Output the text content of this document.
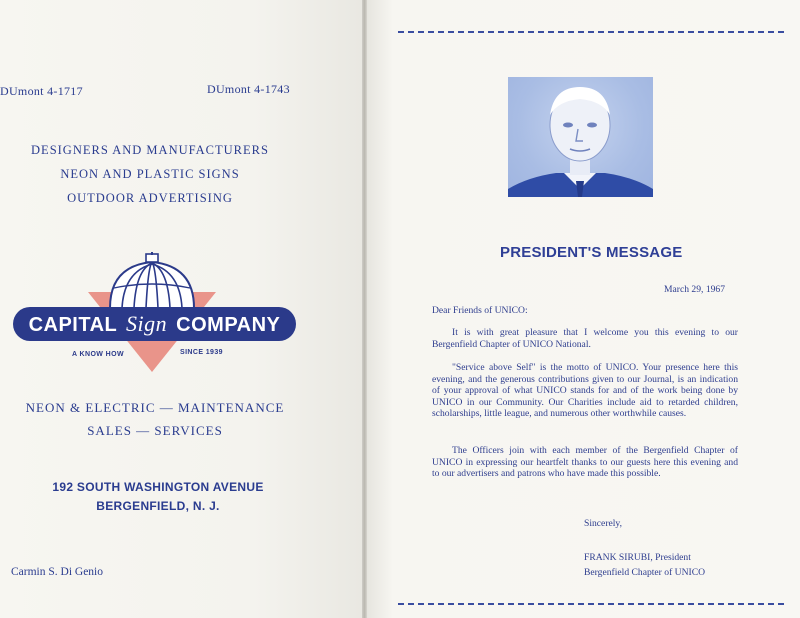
DUmont 4-1717	DUmont 4-1743
DESIGNERS AND MANUFACTURERS
NEON AND PLASTIC SIGNS
OUTDOOR ADVERTISING
CAPITAL Sign COMPANY
A KNOW HOW	SINCE 1939
NEON & ELECTRIC — MAINTENANCE
SALES — SERVICES
192 SOUTH WASHINGTON AVENUE
BERGENFIELD, N. J.
Carmin S. Di Genio
PRESIDENT'S MESSAGE
March 29, 1967
Dear Friends of UNICO:
It is with great pleasure that I welcome you this evening to our Bergenfield Chapter of UNICO National.
"Service above Self" is the motto of UNICO. Your presence here this evening, and the generous contributions given to our Journal, is an indication of your approval of what UNICO stands for and of the work being done by UNICO in our Community. Our Charities include aid to retarded children, scholarships, little league, and numerous other worthwhile causes.
The Officers join with each member of the Bergenfield Chapter of UNICO in expressing our heartfelt thanks to our guests here this evening and to our advertisers and patrons who have made this possible.
Sincerely,
FRANK SIRUBI, President
Bergenfield Chapter of UNICO
